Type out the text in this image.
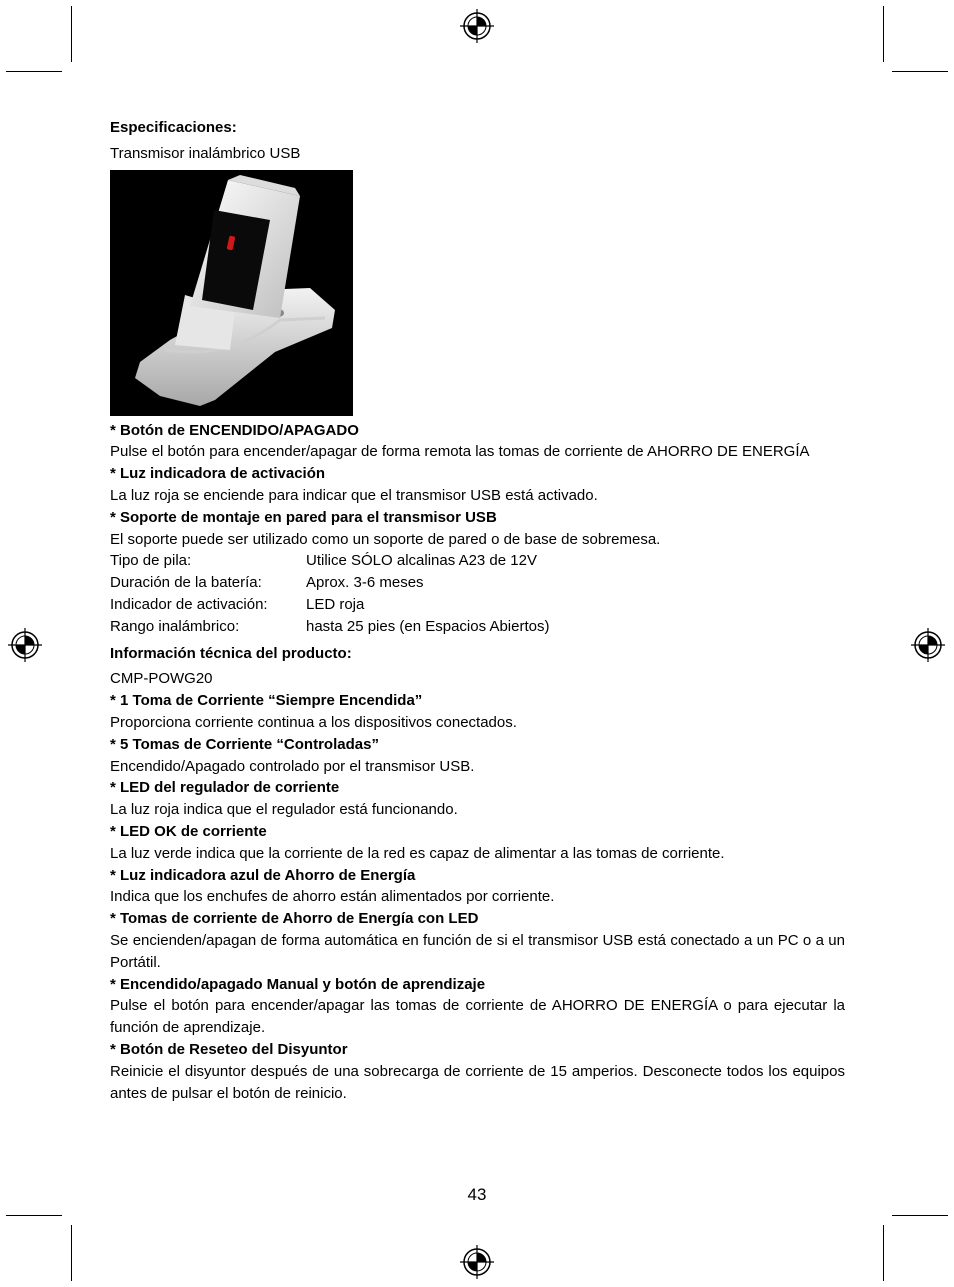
Especificaciones:

Transmisor inalámbrico USB

* Botón de ENCENDIDO/APAGADO

Pulse el botón para encender/apagar de forma remota las tomas de corriente de AHORRO DE ENERGÍA

* Luz indicadora de activación

La luz roja se enciende para indicar que el transmisor USB está activado.

* Soporte de montaje en pared para el transmisor USB

El soporte puede ser utilizado como un soporte de pared o de base de sobremesa.

Tipo de pila:	Utilice SÓLO alcalinas A23 de 12V
Duración de la batería:	Aprox. 3-6 meses
Indicador de activación:	LED roja
Rango inalámbrico:	hasta 25 pies (en Espacios Abiertos)

Información técnica del producto:

CMP-POWG20

* 1 Toma de Corriente “Siempre Encendida”

Proporciona corriente continua a los dispositivos conectados.

* 5 Tomas de Corriente “Controladas”

Encendido/Apagado controlado por el transmisor USB.

* LED del regulador de corriente

La luz roja indica que el regulador está funcionando.

* LED OK de corriente

La luz verde indica que la corriente de la red es capaz de alimentar a las tomas de corriente.

* Luz indicadora azul de Ahorro de Energía

Indica que los enchufes de ahorro están alimentados por corriente.

* Tomas de corriente de Ahorro de Energía con LED

Se encienden/apagan de forma automática en función de si el transmisor USB está conectado a un PC o a un Portátil.

* Encendido/apagado Manual y botón de aprendizaje

Pulse el botón para encender/apagar las tomas de corriente de AHORRO DE ENERGÍA o para ejecutar la función de aprendizaje.

* Botón de Reseteo del Disyuntor

Reinicie el disyuntor después de una sobrecarga de corriente de 15 amperios. Desconecte todos los equipos antes de pulsar el botón de reinicio.

43
